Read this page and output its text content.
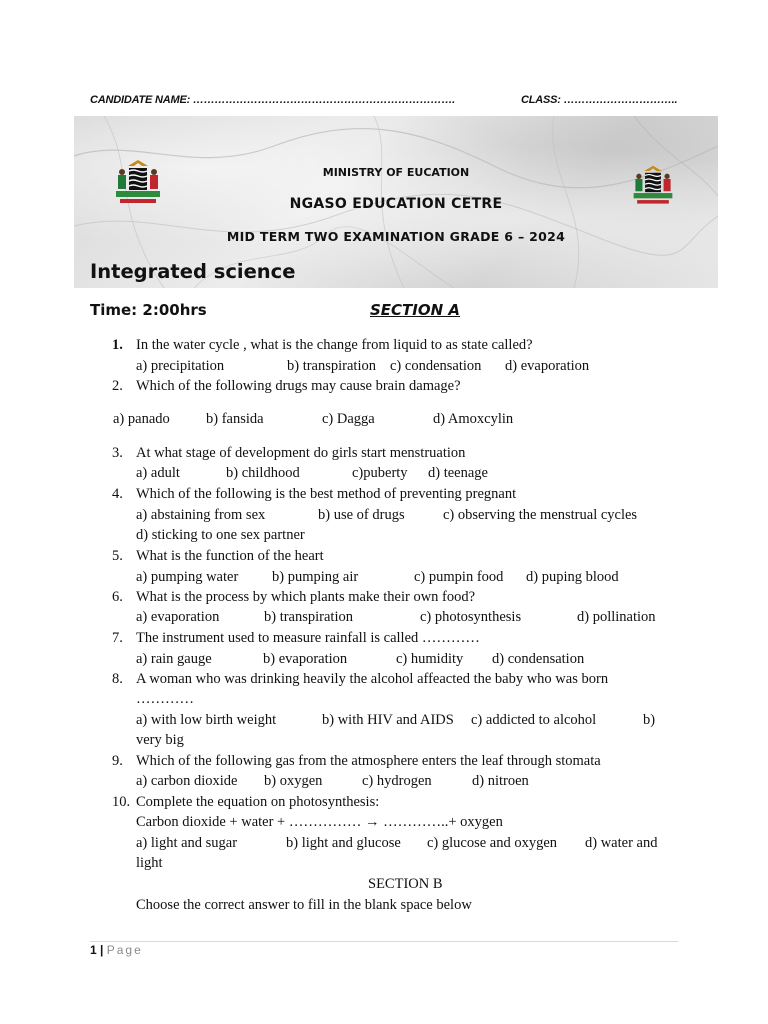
CANDIDATE NAME: ……………………………………………………………….	CLASS: …………………………..
MINISTRY OF EUCATION
NGASO EDUCATION CETRE
MID TERM TWO EXAMINATION GRADE 6 – 2024
Integrated science
Time: 2:00hrs	SECTION A
1. In the water cycle , what is the change from liquid to as state called?
a) precipitation	b) transpiration c) condensation d) evaporation
2. Which of the following drugs may cause brain damage?
a) panado b) fansida	c) Dagga	d) Amoxcylin
3. At what stage of development do girls start menstruation
a) adult	b) childhood	c)puberty d) teenage
4. Which of the following is the best method of preventing pregnant
a) abstaining from sex	b) use of drugs	c) observing the menstrual cycles
d) sticking to one sex partner
5. What is the function of the heart
a) pumping water b) pumping air	c) pumpin food d) puping blood
6. What is the process by which plants make their own food?
a) evaporation	b) transpiration	c) photosynthesis	d) pollination
7. The instrument used to measure rainfall is called …………
a) rain gauge	b) evaporation	c) humidity d) condensation
8. A woman who was drinking heavily the alcohol affeacted the baby who was born
…………
a) with low birth weight	b) with HIV and AIDS c) addicted to alcohol	b)
very big
9. Which of the following gas from the atmosphere enters the leaf through stomata
a) carbon dioxide b) oxygen	c) hydrogen	d) nitroen
10. Complete the equation on photosynthesis:
Carbon dioxide + water + …………… → …………..+ oxygen
a) light and sugar	b) light and glucose c) glucose and oxygen d) water and
light
SECTION B
Choose the correct answer to fill in the blank space below
1 | Page
